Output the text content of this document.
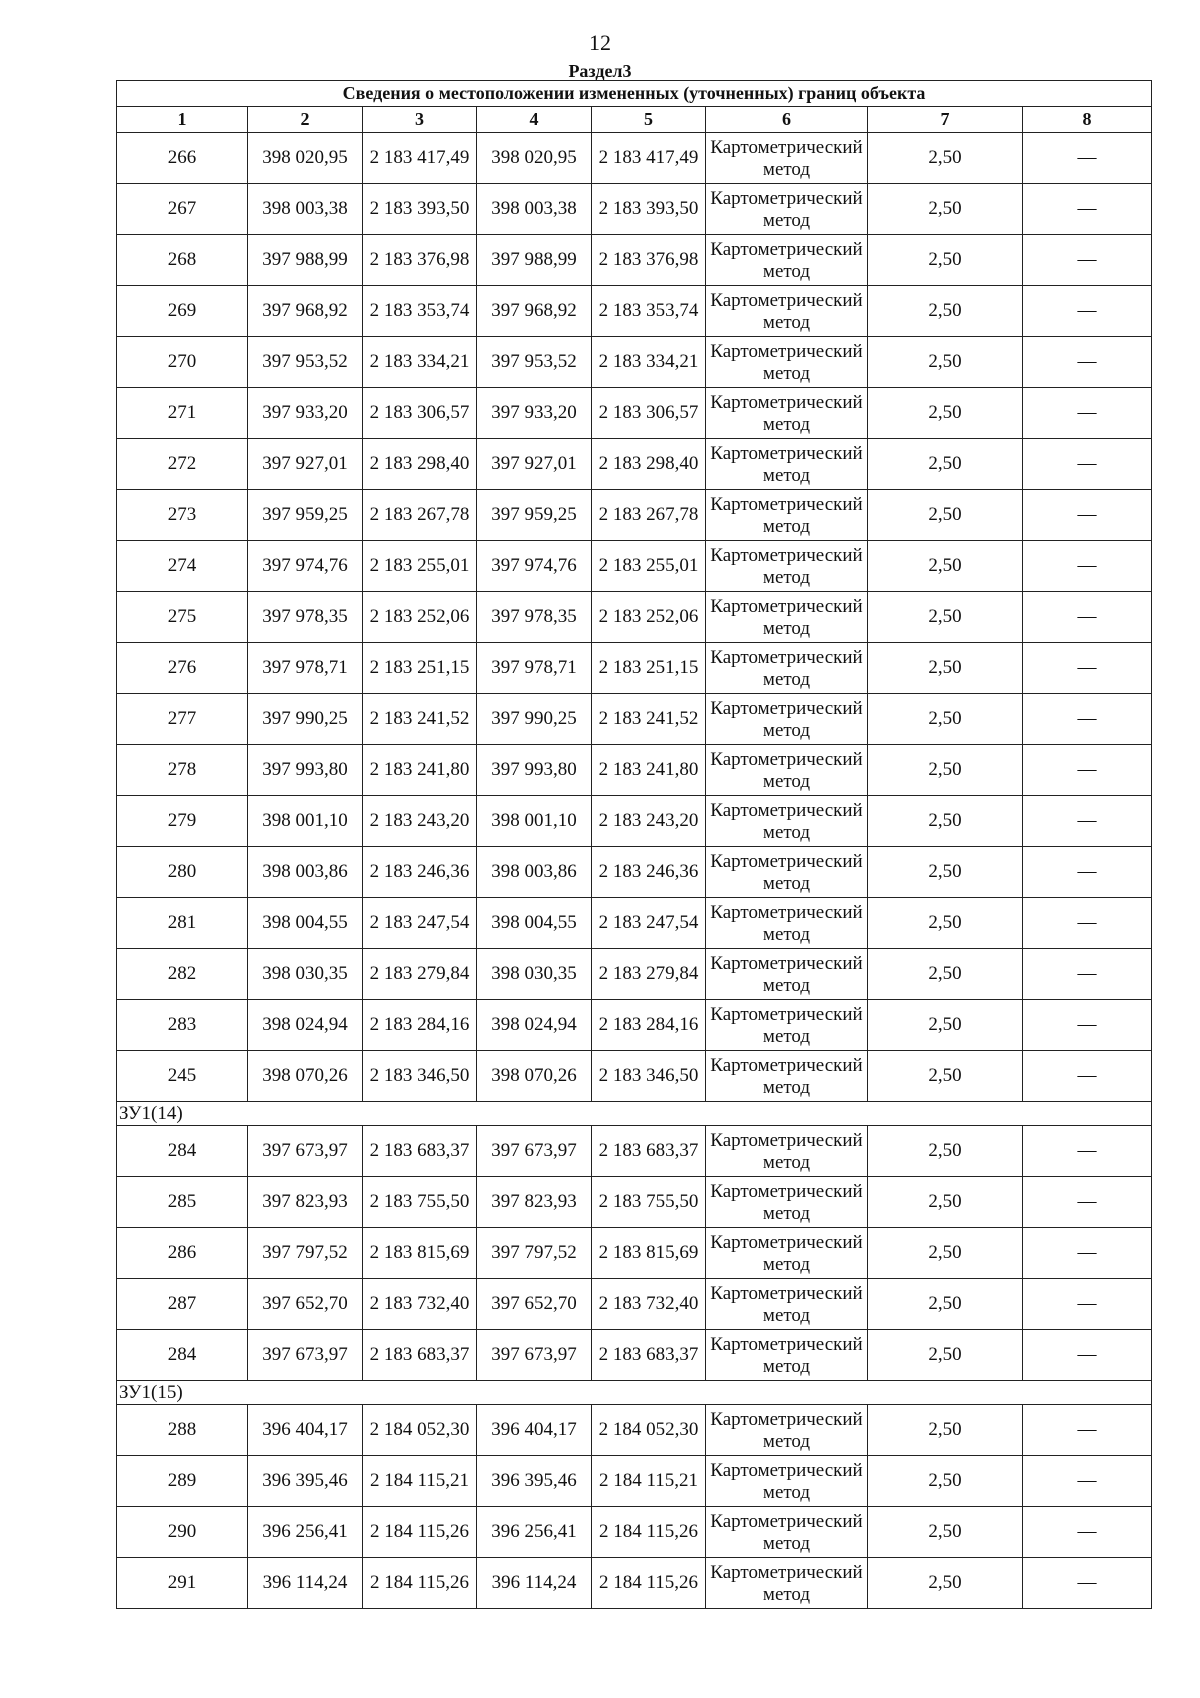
12
Раздел3
Сведения о местоположении измененных (уточненных) границ объекта							
1	2	3	4	5	6	7	8
266	398 020,95	2 183 417,49	398 020,95	2 183 417,49	Картометрический метод	2,50	—
267	398 003,38	2 183 393,50	398 003,38	2 183 393,50	Картометрический метод	2,50	—
268	397 988,99	2 183 376,98	397 988,99	2 183 376,98	Картометрический метод	2,50	—
269	397 968,92	2 183 353,74	397 968,92	2 183 353,74	Картометрический метод	2,50	—
270	397 953,52	2 183 334,21	397 953,52	2 183 334,21	Картометрический метод	2,50	—
271	397 933,20	2 183 306,57	397 933,20	2 183 306,57	Картометрический метод	2,50	—
272	397 927,01	2 183 298,40	397 927,01	2 183 298,40	Картометрический метод	2,50	—
273	397 959,25	2 183 267,78	397 959,25	2 183 267,78	Картометрический метод	2,50	—
274	397 974,76	2 183 255,01	397 974,76	2 183 255,01	Картометрический метод	2,50	—
275	397 978,35	2 183 252,06	397 978,35	2 183 252,06	Картометрический метод	2,50	—
276	397 978,71	2 183 251,15	397 978,71	2 183 251,15	Картометрический метод	2,50	—
277	397 990,25	2 183 241,52	397 990,25	2 183 241,52	Картометрический метод	2,50	—
278	397 993,80	2 183 241,80	397 993,80	2 183 241,80	Картометрический метод	2,50	—
279	398 001,10	2 183 243,20	398 001,10	2 183 243,20	Картометрический метод	2,50	—
280	398 003,86	2 183 246,36	398 003,86	2 183 246,36	Картометрический метод	2,50	—
281	398 004,55	2 183 247,54	398 004,55	2 183 247,54	Картометрический метод	2,50	—
282	398 030,35	2 183 279,84	398 030,35	2 183 279,84	Картометрический метод	2,50	—
283	398 024,94	2 183 284,16	398 024,94	2 183 284,16	Картометрический метод	2,50	—
245	398 070,26	2 183 346,50	398 070,26	2 183 346,50	Картометрический метод	2,50	—
ЗУ1(14)							
284	397 673,97	2 183 683,37	397 673,97	2 183 683,37	Картометрический метод	2,50	—
285	397 823,93	2 183 755,50	397 823,93	2 183 755,50	Картометрический метод	2,50	—
286	397 797,52	2 183 815,69	397 797,52	2 183 815,69	Картометрический метод	2,50	—
287	397 652,70	2 183 732,40	397 652,70	2 183 732,40	Картометрический метод	2,50	—
284	397 673,97	2 183 683,37	397 673,97	2 183 683,37	Картометрический метод	2,50	—
ЗУ1(15)							
288	396 404,17	2 184 052,30	396 404,17	2 184 052,30	Картометрический метод	2,50	—
289	396 395,46	2 184 115,21	396 395,46	2 184 115,21	Картометрический метод	2,50	—
290	396 256,41	2 184 115,26	396 256,41	2 184 115,26	Картометрический метод	2,50	—
291	396 114,24	2 184 115,26	396 114,24	2 184 115,26	Картометрический метод	2,50	—
